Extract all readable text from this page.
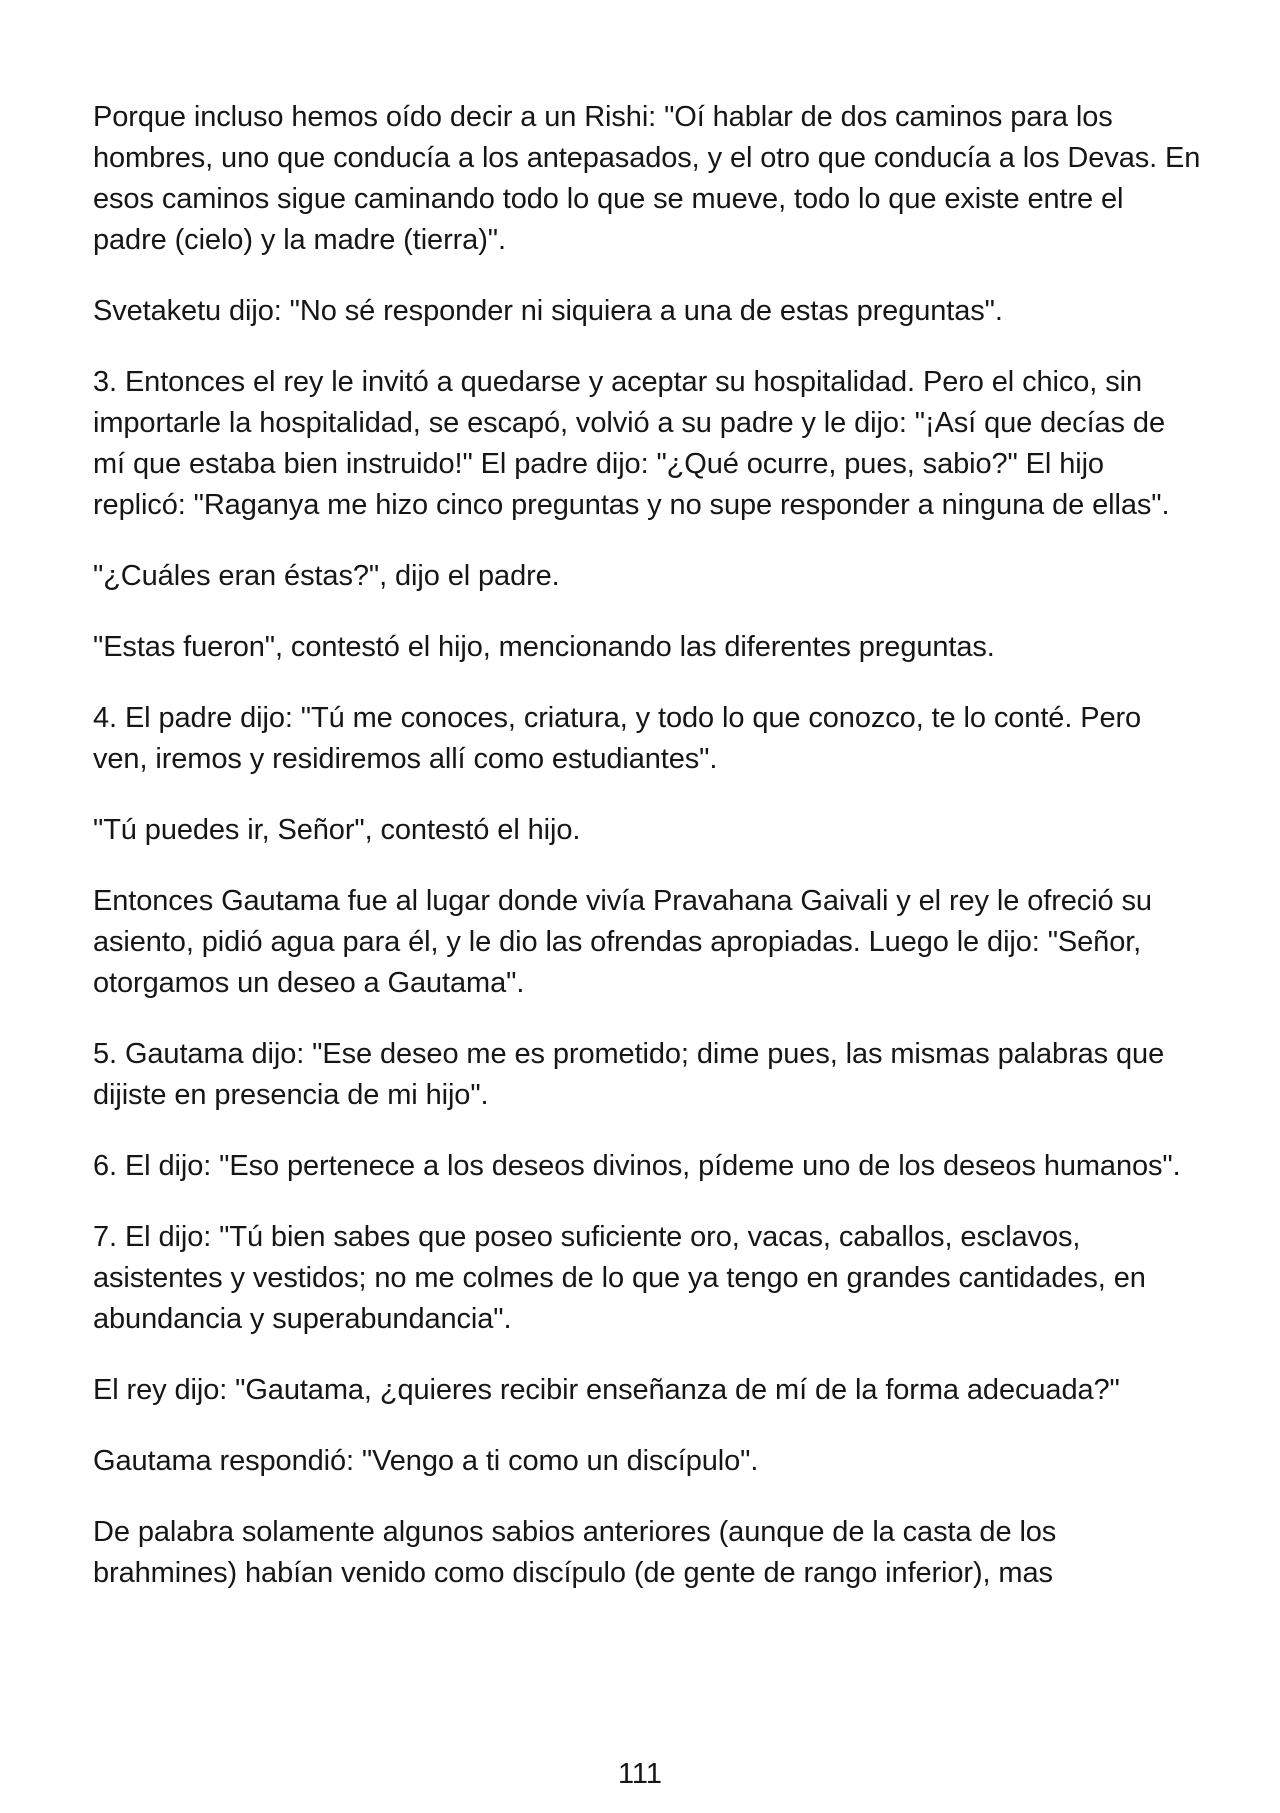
Porque incluso hemos oído decir a un Rishi: "Oí hablar de dos caminos para los hombres, uno que conducía a los antepasados, y el otro que conducía a los Devas. En esos caminos sigue caminando todo lo que se mueve, todo lo que existe entre el padre (cielo) y la madre (tierra)".

Svetaketu dijo: "No sé responder ni siquiera a una de estas preguntas".

3. Entonces el rey le invitó a quedarse y aceptar su hospitalidad. Pero el chico, sin importarle la hospitalidad, se escapó, volvió a su padre y le dijo: "¡Así que decías de mí que estaba bien instruido!" El padre dijo: "¿Qué ocurre, pues, sabio?" El hijo replicó: "Raganya me hizo cinco preguntas y no supe responder a ninguna de ellas".

"¿Cuáles eran éstas?", dijo el padre.

"Estas fueron", contestó el hijo, mencionando las diferentes preguntas.

4. El padre dijo: "Tú me conoces, criatura, y todo lo que conozco, te lo conté. Pero ven, iremos y residiremos allí como estudiantes".

"Tú puedes ir, Señor", contestó el hijo.

Entonces Gautama fue al lugar donde vivía Pravahana Gaivali y el rey le ofreció su asiento, pidió agua para él, y le dio las ofrendas apropiadas. Luego le dijo: "Señor, otorgamos un deseo a Gautama".

5. Gautama dijo: "Ese deseo me es prometido; dime pues, las mismas palabras que dijiste en presencia de mi hijo".

6. El dijo: "Eso pertenece a los deseos divinos, pídeme uno de los deseos humanos".

7. El dijo: "Tú bien sabes que poseo suficiente oro, vacas, caballos, esclavos, asistentes y vestidos; no me colmes de lo que ya tengo en grandes cantidades, en abundancia y superabundancia".

El rey dijo: "Gautama, ¿quieres recibir enseñanza de mí de la forma adecuada?"

Gautama respondió: "Vengo a ti como un discípulo".

De palabra solamente algunos sabios anteriores (aunque de la casta de los brahmines) habían venido como discípulo (de gente de rango inferior), mas

111
